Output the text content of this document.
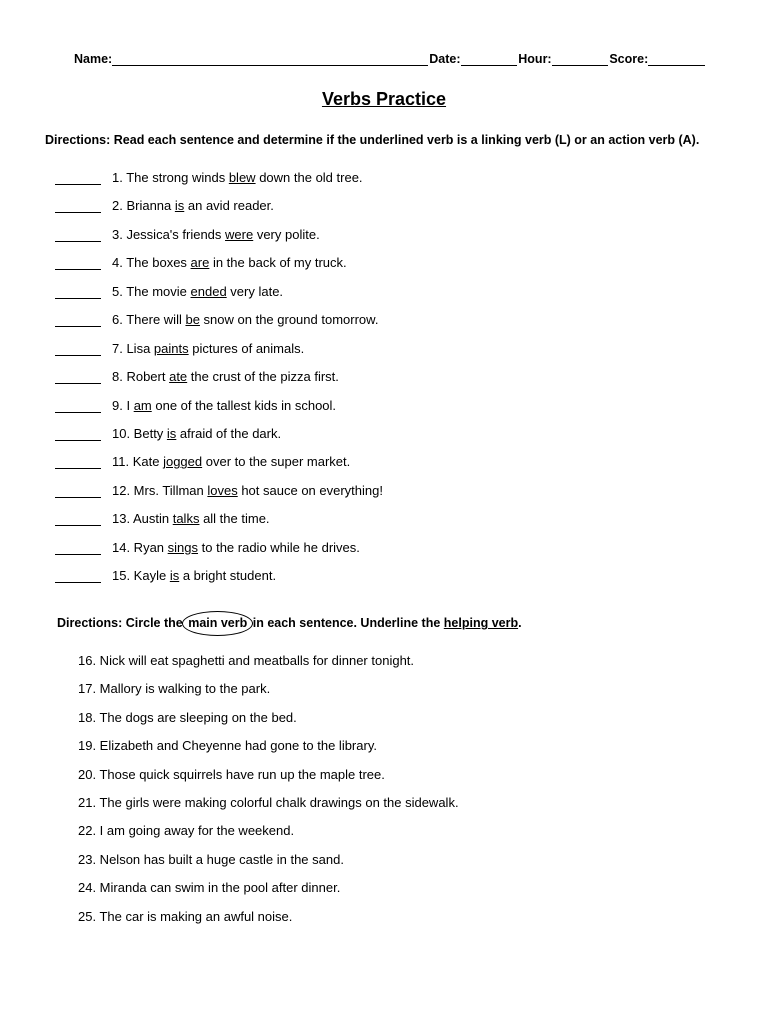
Name:	Date:	Hour:	Score:
Verbs Practice
Directions: Read each sentence and determine if the underlined verb is a linking verb (L) or an action verb (A).
1. The strong winds blew down the old tree.
2. Brianna is an avid reader.
3. Jessica's friends were very polite.
4. The boxes are in the back of my truck.
5. The movie ended very late.
6. There will be snow on the ground tomorrow.
7. Lisa paints pictures of animals.
8. Robert ate the crust of the pizza first.
9. I am one of the tallest kids in school.
10. Betty is afraid of the dark.
11. Kate jogged over to the super market.
12. Mrs. Tillman loves hot sauce on everything!
13. Austin talks all the time.
14. Ryan sings to the radio while he drives.
15. Kayle is a bright student.
Directions: Circle the main verb in each sentence. Underline the helping verb.
16. Nick will eat spaghetti and meatballs for dinner tonight.
17. Mallory is walking to the park.
18. The dogs are sleeping on the bed.
19. Elizabeth and Cheyenne had gone to the library.
20. Those quick squirrels have run up the maple tree.
21. The girls were making colorful chalk drawings on the sidewalk.
22. I am going away for the weekend.
23. Nelson has built a huge castle in the sand.
24. Miranda can swim in the pool after dinner.
25. The car is making an awful noise.
